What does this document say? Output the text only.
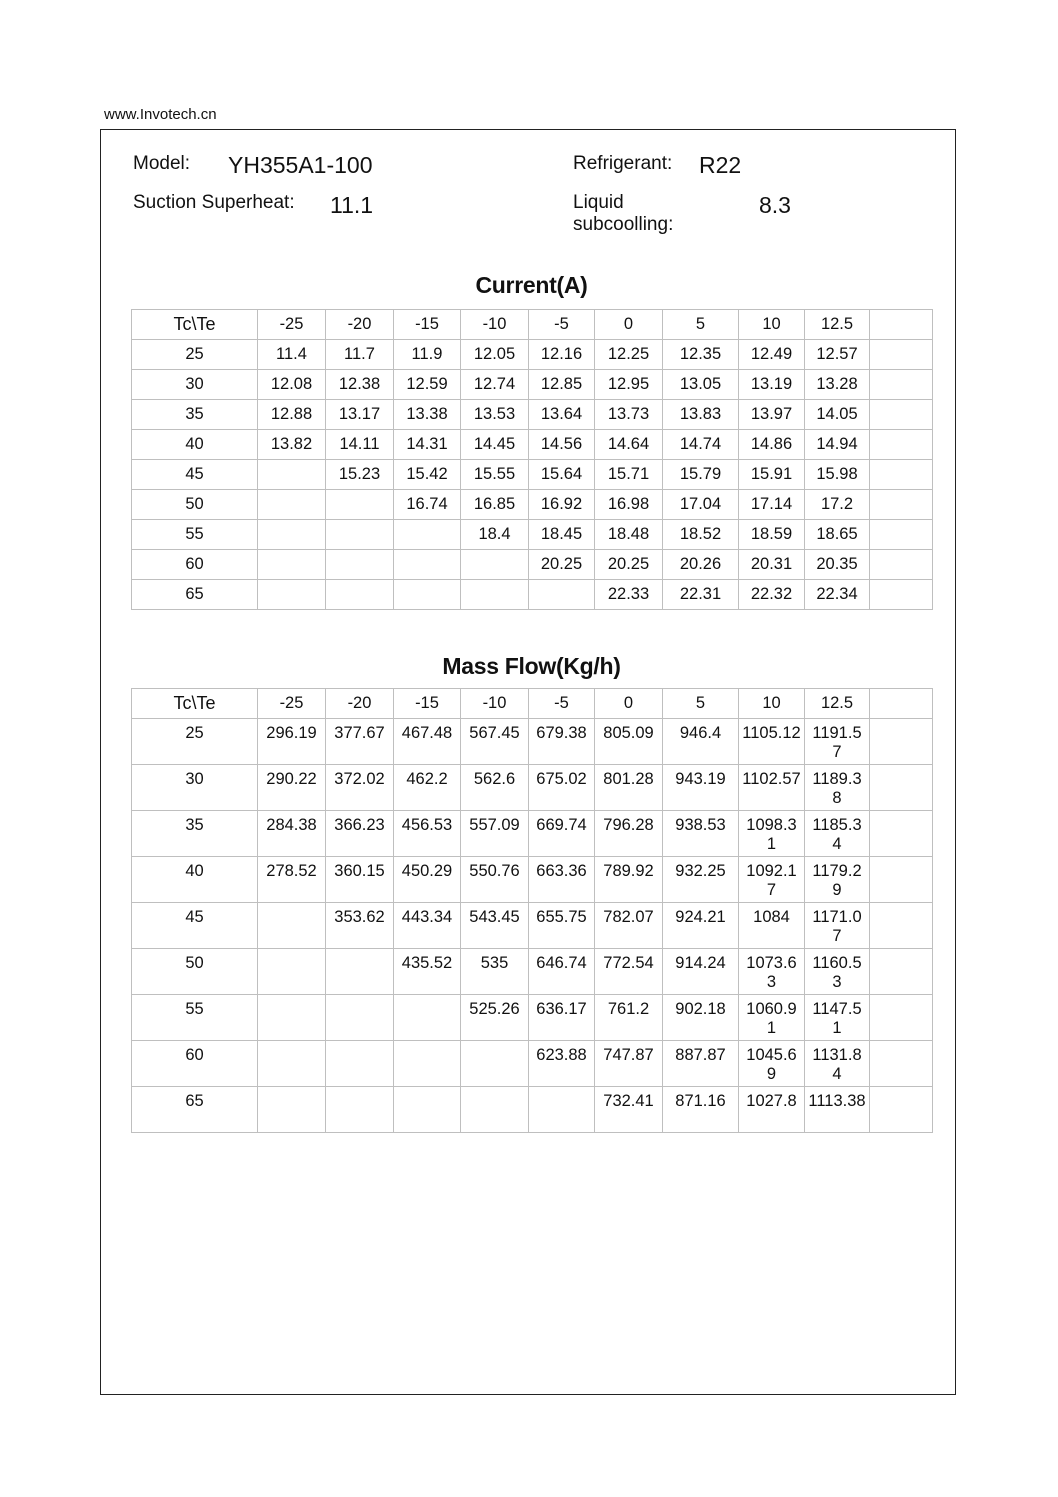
www.Invotech.cn
Model: YH355A1-100	Refrigerant: R22
Suction Superheat: 11.1	Liquid
subcoolling:
8.3
Current(A)
Tc\Te	-25	-20	-15	-10	-5	0	5	10	12.5	
25	11.4	11.7	11.9	12.05	12.16	12.25	12.35	12.49	12.57	
30	12.08	12.38	12.59	12.74	12.85	12.95	13.05	13.19	13.28	
35	12.88	13.17	13.38	13.53	13.64	13.73	13.83	13.97	14.05	
40	13.82	14.11	14.31	14.45	14.56	14.64	14.74	14.86	14.94	
45		15.23	15.42	15.55	15.64	15.71	15.79	15.91	15.98	
50			16.74	16.85	16.92	16.98	17.04	17.14	17.2	
55				18.4	18.45	18.48	18.52	18.59	18.65	
60					20.25	20.25	20.26	20.31	20.35	
65						22.33	22.31	22.32	22.34	
Mass Flow(Kg/h)
Tc\Te	-25	-20	-15	-10	-5	0	5	10	12.5	
25	296.19	377.67	467.48	567.45	679.38	805.09	946.4	1105.12	1191.57	
30	290.22	372.02	462.2	562.6	675.02	801.28	943.19	1102.57	1189.38	
35	284.38	366.23	456.53	557.09	669.74	796.28	938.53	1098.31	1185.34	
40	278.52	360.15	450.29	550.76	663.36	789.92	932.25	1092.17	1179.29	
45		353.62	443.34	543.45	655.75	782.07	924.21	1084	1171.07	
50			435.52	535	646.74	772.54	914.24	1073.63	1160.53	
55				525.26	636.17	761.2	902.18	1060.91	1147.51	
60					623.88	747.87	887.87	1045.69	1131.84	
65						732.41	871.16	1027.8	1113.38	
